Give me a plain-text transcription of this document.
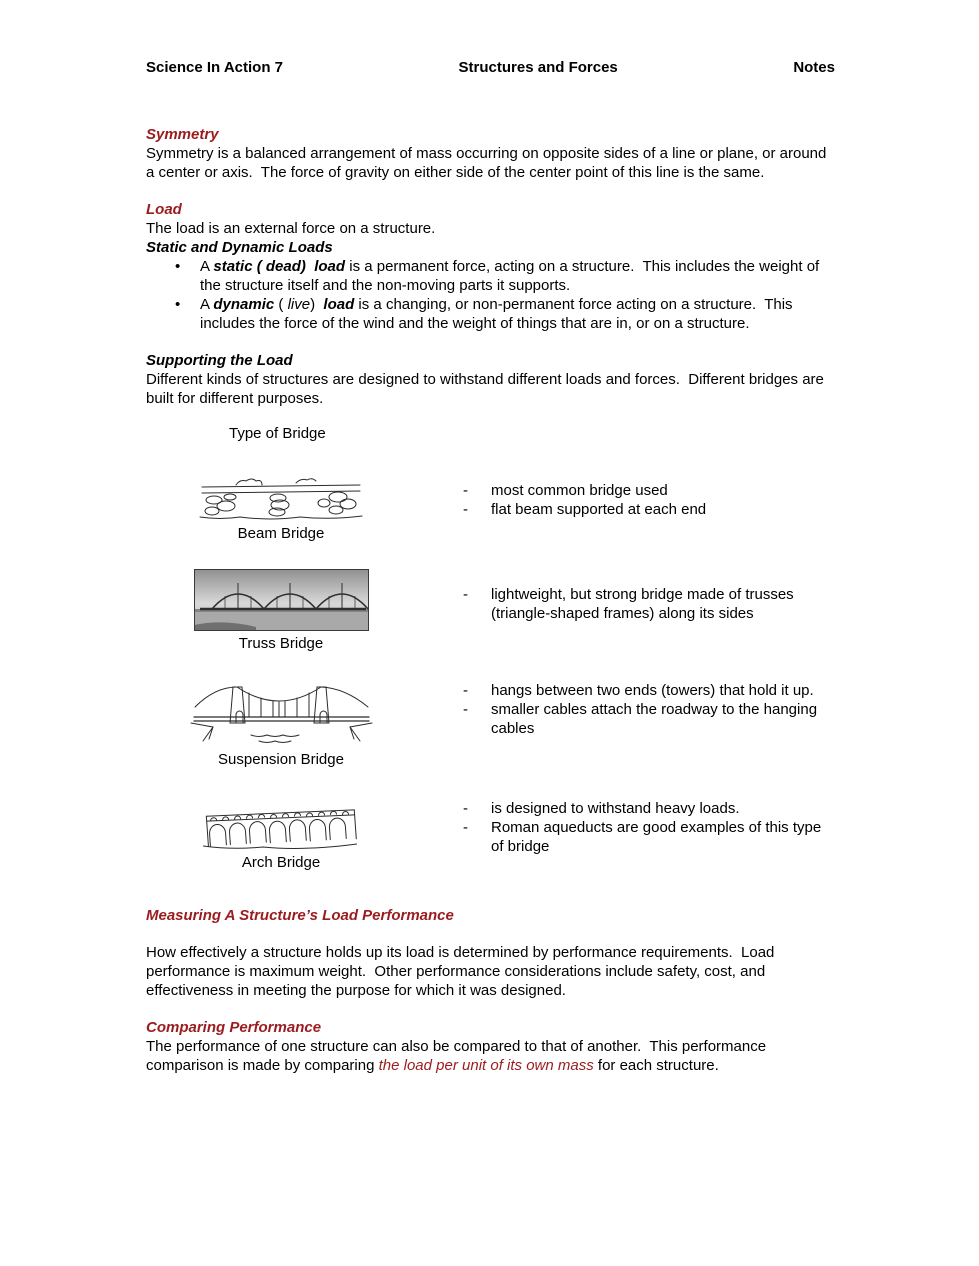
Science In Action 7	Structures and Forces	Notes

Symmetry

Symmetry is a balanced arrangement of mass occurring on opposite sides of a line or plane, or around a center or axis.  The force of gravity on either side of the center point of this line is the same.

Load

The load is an external force on a structure.

Static and Dynamic Loads

•	A static ( dead)  load is a permanent force, acting on a structure.  This includes the weight of the structure itself and the non-moving parts it supports.

•	A dynamic ( live)  load is a changing, or non-permanent force acting on a structure.  This includes the force of the wind and the weight of things that are in, or on a structure.

Supporting the Load

Different kinds of structures are designed to withstand different loads and forces.  Different bridges are built for different purposes.

Type of Bridge

Beam Bridge

-	most common bridge used

-	flat beam supported at each end

Truss Bridge

-	lightweight, but strong bridge made of trusses (triangle-shaped frames) along its sides

Suspension Bridge

-	hangs between two ends (towers) that hold it up.

-	smaller cables attach the roadway to the hanging cables

Arch Bridge

-	is designed to withstand heavy loads.

-	Roman aqueducts are good examples of this type of bridge

Measuring A Structure’s Load Performance

How effectively a structure holds up its load is determined by performance requirements.  Load performance is maximum weight.  Other performance considerations include safety, cost, and effectiveness in meeting the purpose for which it was designed.

Comparing Performance

The performance of one structure can also be compared to that of another.  This performance comparison is made by comparing the load per unit of its own mass for each structure.
